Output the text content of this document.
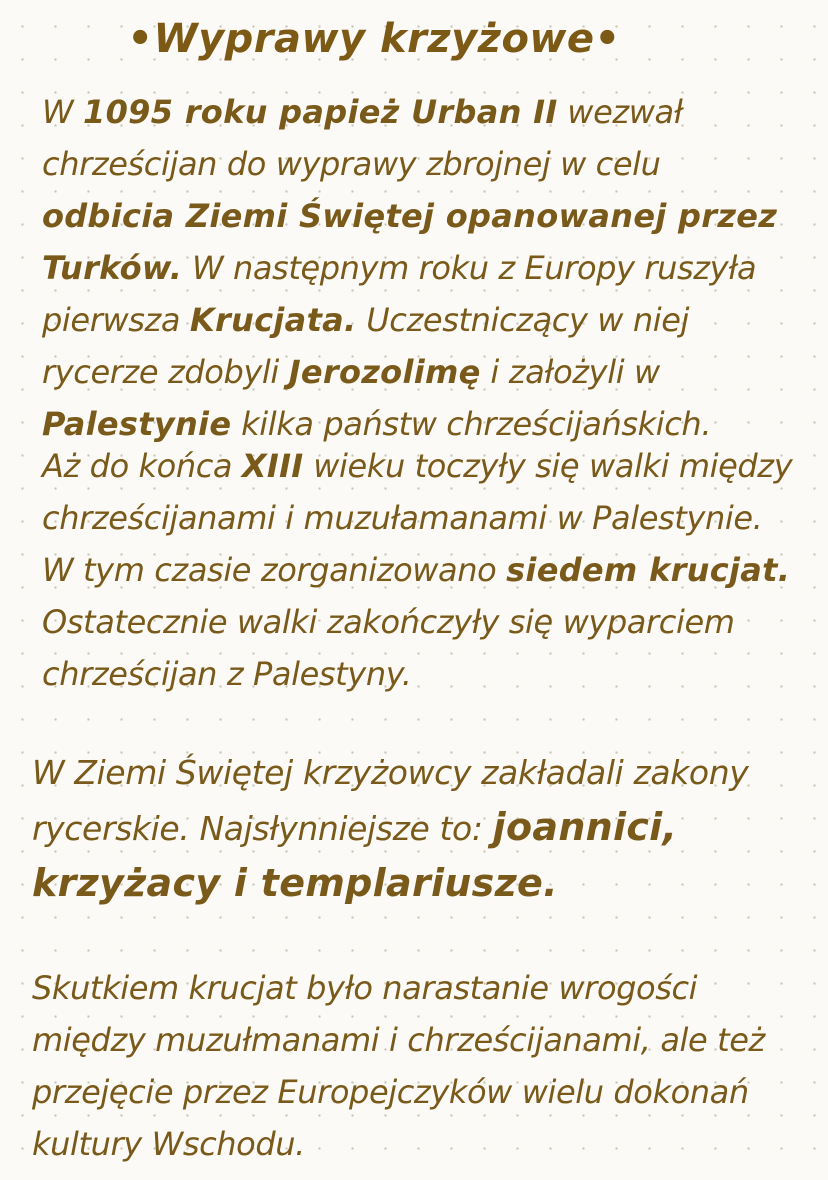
•Wyprawy krzyżowe•

W 1095 roku papież Urban II wezwał chrześcijan do wyprawy zbrojnej w celu odbicia Ziemi Świętej opanowanej przez Turków. W następnym roku z Europy ruszyła pierwsza Krucjata. Uczestniczący w niej rycerze zdobyli Jerozolimę i założyli w Palestynie kilka państw chrześcijańskich.

Aż do końca XIII wieku toczyły się walki między chrześcijanami i muzułamanami w Palestynie. W tym czasie zorganizowano siedem krucjat. Ostatecznie walki zakończyły się wyparciem chrześcijan z Palestyny.

W Ziemi Świętej krzyżowcy zakładali zakony rycerskie. Najsłynniejsze to: joannici, krzyżacy i templariusze.

Skutkiem krucjat było narastanie wrogości między muzułmanami i chrześcijanami, ale też przejęcie przez Europejczyków wielu dokonań kultury Wschodu.
